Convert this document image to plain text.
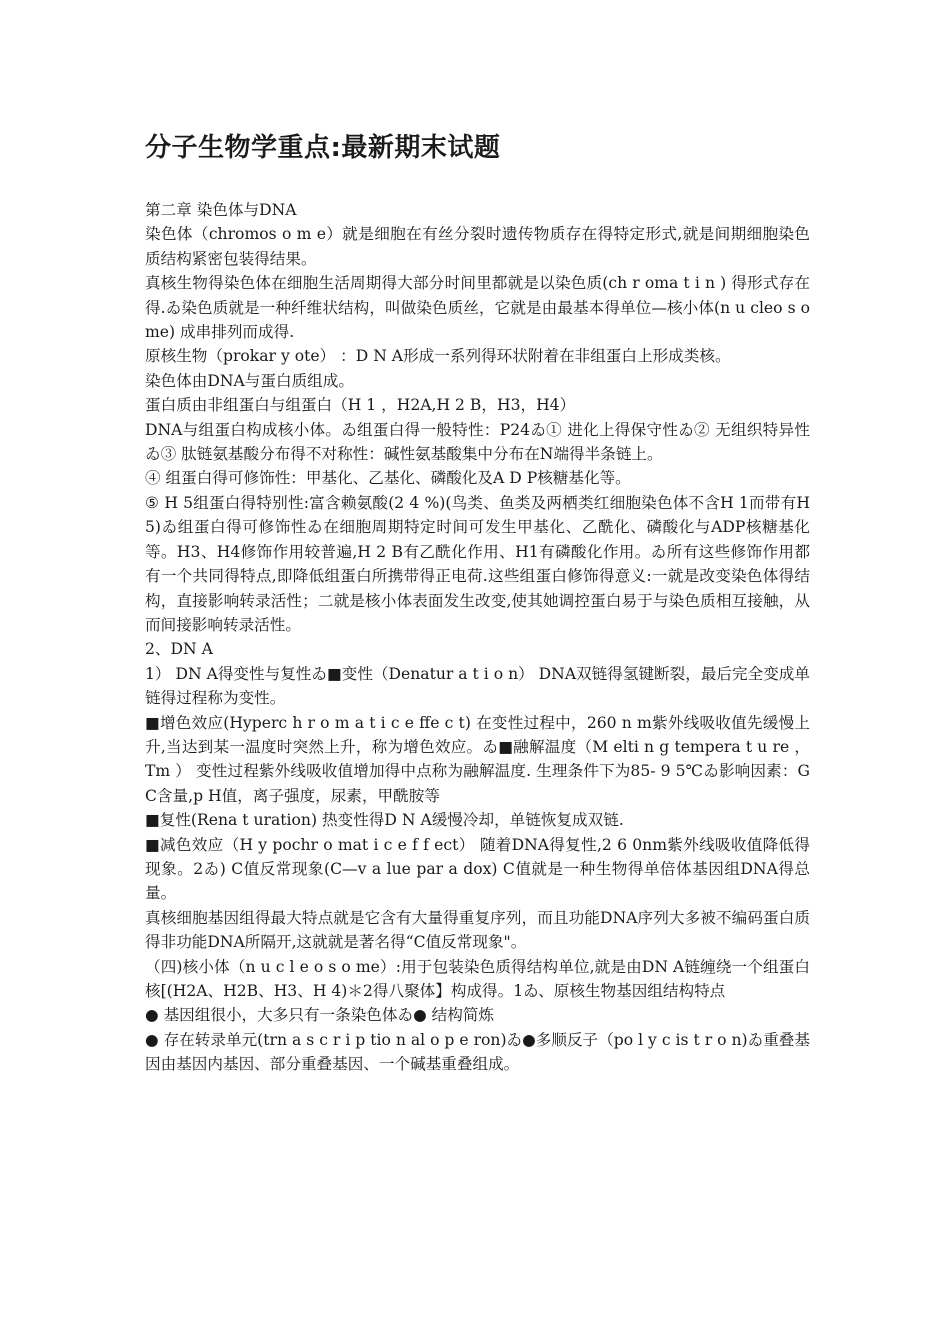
分子生物学重点:最新期末试题

第二章 染色体与DNA

染色体（chromos o m e）就是细胞在有丝分裂时遗传物质存在得特定形式,就是间期细胞染色质结构紧密包装得结果。

真核生物得染色体在细胞生活周期得大部分时间里都就是以染色质(ch r oma t i n ) 得形式存在得.ゐ染色质就是一种纤维状结构，叫做染色质丝，它就是由最基本得单位—核小体(n u cleo s ome) 成串排列而成得.

原核生物（prokar y ote） ：D N A形成一系列得环状附着在非组蛋白上形成类核。

染色体由DNA与蛋白质组成。

蛋白质由非组蛋白与组蛋白（H 1 ，H2A,H 2 B，H3，H4）

DNA与组蛋白构成核小体。ゐ组蛋白得一般特性：P24ゐ① 进化上得保守性ゐ② 无组织特异性ゐ③ 肽链氨基酸分布得不对称性：碱性氨基酸集中分布在N端得半条链上。

④ 组蛋白得可修饰性：甲基化、乙基化、磷酸化及A D P核糖基化等。

⑤ H 5组蛋白得特别性:富含赖氨酸(2 4 %)(鸟类、鱼类及两栖类红细胞染色体不含H 1而带有H5)ゐ组蛋白得可修饰性ゐ在细胞周期特定时间可发生甲基化、乙酰化、磷酸化与ADP核糖基化等。H3、H4修饰作用较普遍,H 2 B有乙酰化作用、H1有磷酸化作用。ゐ所有这些修饰作用都有一个共同得特点,即降低组蛋白所携带得正电荷.这些组蛋白修饰得意义:一就是改变染色体得结构，直接影响转录活性；二就是核小体表面发生改变,使其她调控蛋白易于与染色质相互接触，从而间接影响转录活性。

2、DN A

1） DN A得变性与复性ゐ■变性（Denatur a t i o n） DNA双链得氢键断裂，最后完全变成单链得过程称为变性。

■增色效应(Hyperc h r o m a t i c e ffe c t) 在变性过程中，260 n m紫外线吸收值先缓慢上升,当达到某一温度时突然上升，称为增色效应。ゐ■融解温度（M elti n g tempera t u re ，Tm ） 变性过程紫外线吸收值增加得中点称为融解温度. 生理条件下为85- 9 5℃ゐ影响因素：G C含量,p H值，离子强度，尿素，甲酰胺等

■复性(Rena t uration) 热变性得D N A缓慢冷却，单链恢复成双链.

■减色效应（H y pochr o mat i c e f f ect） 随着DNA得复性,2 6 0nm紫外线吸收值降低得现象。2ゐ) C值反常现象(C—v a lue par a dox) C值就是一种生物得单倍体基因组DNA得总量。

真核细胞基因组得最大特点就是它含有大量得重复序列，而且功能DNA序列大多被不编码蛋白质得非功能DNA所隔开,这就就是著名得“C值反常现象"。

（四)核小体（n u c l e o s o me）:用于包装染色质得结构单位,就是由DN A链缠绕一个组蛋白核[(H2A、H2B、H3、H 4)＊2得八聚体】构成得。1ゐ、原核生物基因组结构特点

● 基因组很小，大多只有一条染色体ゐ● 结构简炼

● 存在转录单元(trn a s c r i p tio n al o p e ron)ゐ●多顺反子（po l y c is t r o n)ゐ重叠基因由基因内基因、部分重叠基因、一个碱基重叠组成。
